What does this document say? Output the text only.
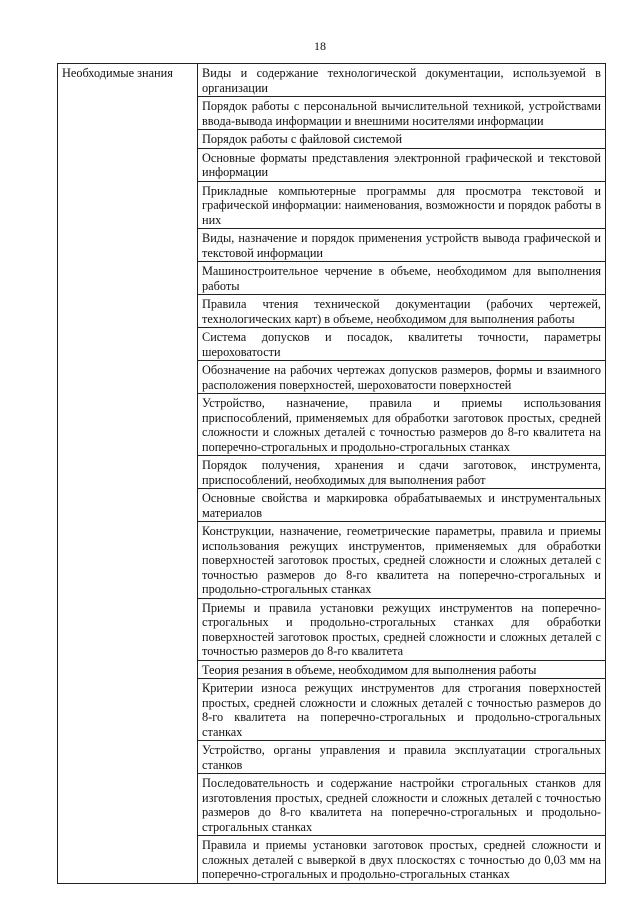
18
Необходимые знания	Виды и содержание технологической документации, используемой в организации
Порядок работы с персональной вычислительной техникой, устройствами ввода-вывода информации и внешними носителями информации
Порядок работы с файловой системой
Основные форматы представления электронной графической и текстовой информации
Прикладные компьютерные программы для просмотра текстовой и графической информации: наименования, возможности и порядок работы в них
Виды, назначение и порядок применения устройств вывода графической и текстовой информации
Машиностроительное черчение в объеме, необходимом для выполнения работы
Правила чтения технической документации (рабочих чертежей, технологических карт) в объеме, необходимом для выполнения работы
Система допусков и посадок, квалитеты точности, параметры шероховатости
Обозначение на рабочих чертежах допусков размеров, формы и взаимного расположения поверхностей, шероховатости поверхностей
Устройство, назначение, правила и приемы использования приспособлений, применяемых для обработки заготовок простых, средней сложности и сложных деталей с точностью размеров до 8-го квалитета на поперечно-строгальных и продольно-строгальных станках
Порядок получения, хранения и сдачи заготовок, инструмента, приспособлений, необходимых для выполнения работ
Основные свойства и маркировка обрабатываемых и инструментальных материалов
Конструкции, назначение, геометрические параметры, правила и приемы использования режущих инструментов, применяемых для обработки поверхностей заготовок простых, средней сложности и сложных деталей с точностью размеров до 8-го квалитета на поперечно-строгальных и продольно-строгальных станках
Приемы и правила установки режущих инструментов на поперечно-строгальных и продольно-строгальных станках для обработки поверхностей заготовок простых, средней сложности и сложных деталей с точностью размеров до 8-го квалитета
Теория резания в объеме, необходимом для выполнения работы
Критерии износа режущих инструментов для строгания поверхностей простых, средней сложности и сложных деталей с точностью размеров до 8-го квалитета на поперечно-строгальных и продольно-строгальных станках
Устройство, органы управления и правила эксплуатации строгальных станков
Последовательность и содержание настройки строгальных станков для изготовления простых, средней сложности и сложных деталей с точностью размеров до 8-го квалитета на поперечно-строгальных и продольно-строгальных станках
Правила и приемы установки заготовок простых, средней сложности и сложных деталей с выверкой в двух плоскостях с точностью до 0,03 мм на поперечно-строгальных и продольно-строгальных станках
